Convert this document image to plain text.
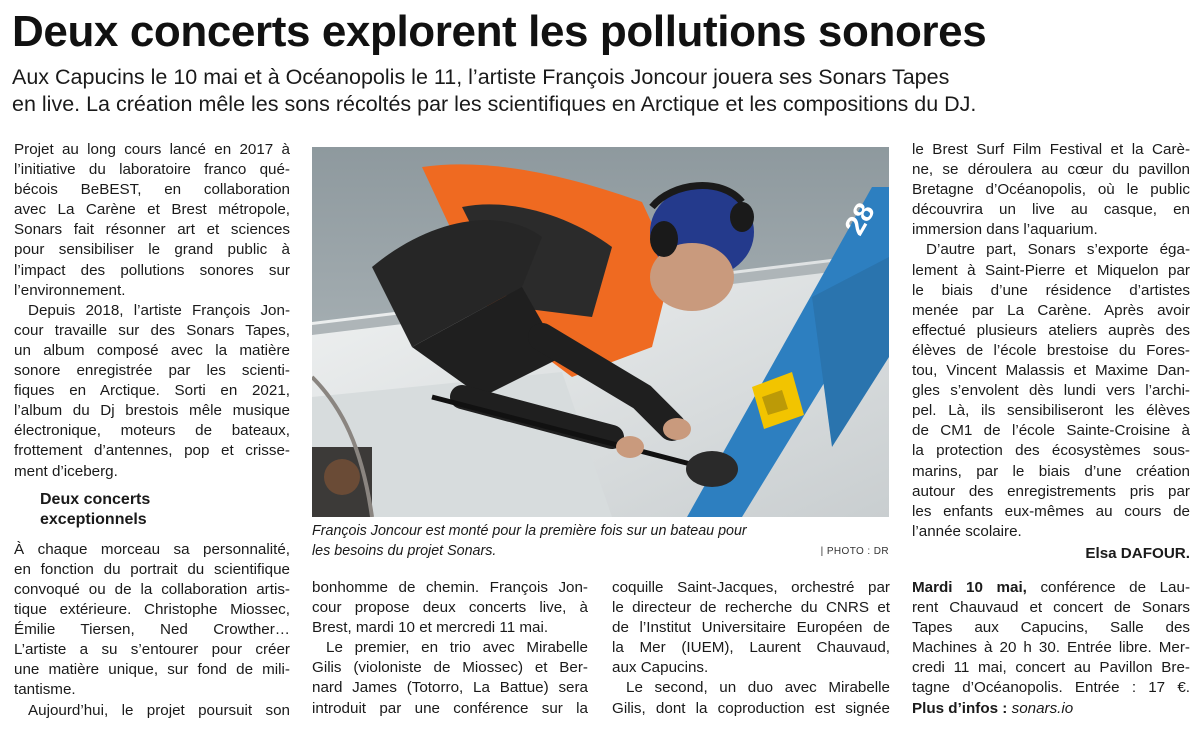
Deux concerts explorent les pollutions sonores
Aux Capucins le 10 mai et à Océanopolis le 11, l’artiste François Joncour jouera ses Sonars Tapes
en live. La création mêle les sons récoltés par les scientifiques en Arctique et les compositions du DJ.
Projet au long cours lancé en 2017 à
l’initiative du laboratoire franco qué-
bécois BeBEST, en collaboration
avec La Carène et Brest métropole,
Sonars fait résonner art et sciences
pour sensibiliser le grand public à
l’impact des pollutions sonores sur
l’environnement.
Depuis 2018, l’artiste François Jon-
cour travaille sur des Sonars Tapes,
un album composé avec la matière
sonore enregistrée par les scienti-
fiques en Arctique. Sorti en 2021,
l’album du Dj brestois mêle musique
électronique, moteurs de bateaux,
frottement d’antennes, pop et crisse-
ment d’iceberg.
Deux concerts
exceptionnels
À chaque morceau sa personnalité,
en fonction du portrait du scientifique
convoqué ou de la collaboration artis-
tique extérieure. Christophe Miossec,
Émilie Tiersen, Ned Crowther…
L’artiste a su s’entourer pour créer
une matière unique, sur fond de mili-
tantisme.
Aujourd’hui, le projet poursuit son
28
François Joncour est monté pour la première fois sur un bateau pour
les besoins du projet Sonars.	| PHOTO : DR
bonhomme de chemin. François Jon-
cour propose deux concerts live, à
Brest, mardi 10 et mercredi 11 mai.
Le premier, en trio avec Mirabelle
Gilis (violoniste de Miossec) et Ber-
nard James (Totorro, La Battue) sera
introduit par une conférence sur la
coquille Saint-Jacques, orchestré par
le directeur de recherche du CNRS et
de l’Institut Universitaire Européen de
la Mer (IUEM), Laurent Chauvaud,
aux Capucins.
Le second, un duo avec Mirabelle
Gilis, dont la coproduction est signée
le Brest Surf Film Festival et la Carè-
ne, se déroulera au cœur du pavillon
Bretagne d’Océanopolis, où le public
découvrira un live au casque, en
immersion dans l’aquarium.
D’autre part, Sonars s’exporte éga-
lement à Saint-Pierre et Miquelon par
le biais d’une résidence d’artistes
menée par La Carène. Après avoir
effectué plusieurs ateliers auprès des
élèves de l’école brestoise du Fores-
tou, Vincent Malassis et Maxime Dan-
gles s’envolent dès lundi vers l’archi-
pel. Là, ils sensibiliseront les élèves
de CM1 de l’école Sainte-Croisine à
la protection des écosystèmes sous-
marins, par le biais d’une création
autour des enregistrements pris par
les enfants eux-mêmes au cours de
l’année scolaire.
Elsa DAFOUR.
Mardi 10 mai, conférence de Lau-
rent Chauvaud et concert de Sonars
Tapes aux Capucins, Salle des
Machines à 20 h 30. Entrée libre. Mer-
credi 11 mai, concert au Pavillon Bre-
tagne d’Océanopolis. Entrée : 17 €.
Plus d’infos : sonars.io
